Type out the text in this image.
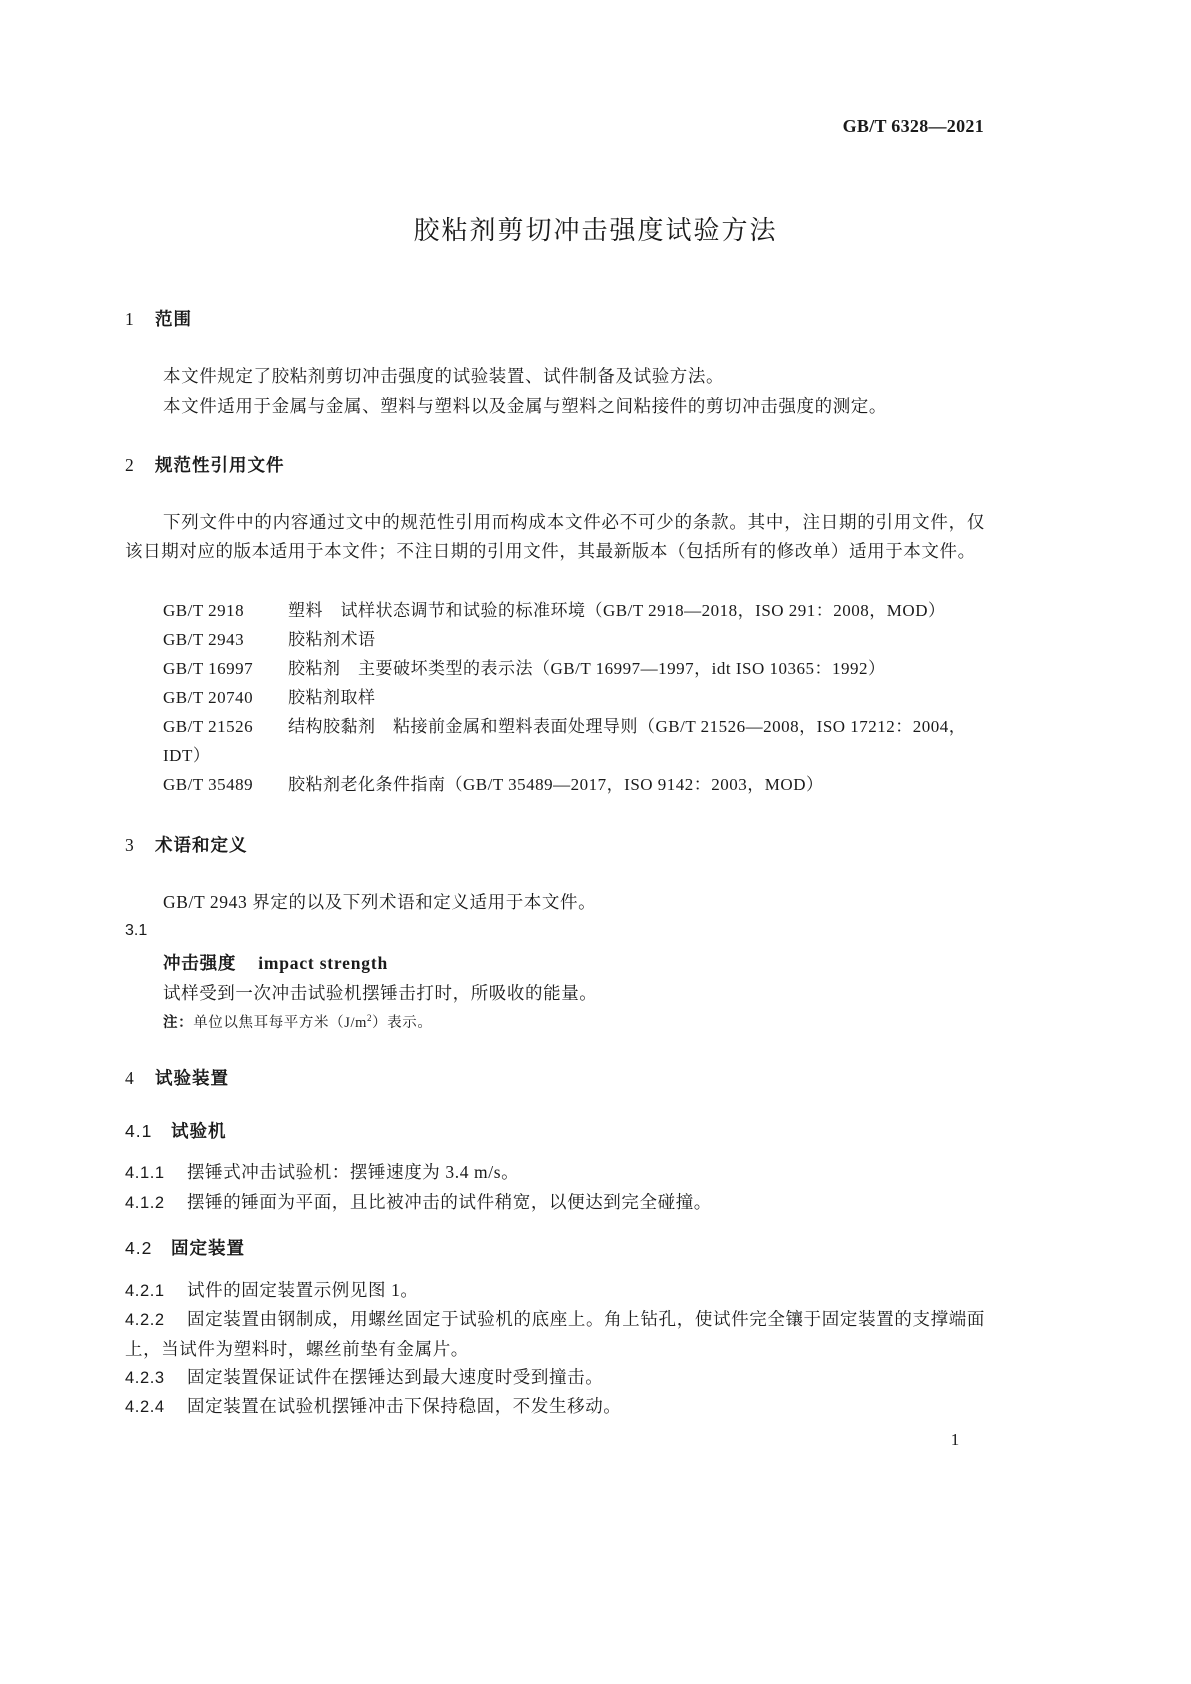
GB/T 6328—2021
胶粘剂剪切冲击强度试验方法
1 范围
本文件规定了胶粘剂剪切冲击强度的试验装置、试件制备及试验方法。
本文件适用于金属与金属、塑料与塑料以及金属与塑料之间粘接件的剪切冲击强度的测定。
2 规范性引用文件
下列文件中的内容通过文中的规范性引用而构成本文件必不可少的条款。其中，注日期的引用文件，仅该日期对应的版本适用于本文件；不注日期的引用文件，其最新版本（包括所有的修改单）适用于本文件。
GB/T 2918	塑料　试样状态调节和试验的标准环境（GB/T 2918—2018，ISO 291：2008，MOD）
GB/T 2943	胶粘剂术语
GB/T 16997 胶粘剂　主要破坏类型的表示法（GB/T 16997—1997，idt ISO 10365：1992）
GB/T 20740 胶粘剂取样
GB/T 21526 结构胶黏剂　粘接前金属和塑料表面处理导则（GB/T 21526—2008，ISO 17212：2004，IDT）
GB/T 35489 胶粘剂老化条件指南（GB/T 35489—2017，ISO 9142：2003，MOD）
3 术语和定义
GB/T 2943 界定的以及下列术语和定义适用于本文件。
3.1
冲击强度 impact strength
试样受到一次冲击试验机摆锤击打时，所吸收的能量。
注：单位以焦耳每平方米$(J/m^2)$表示。
4 试验装置
4.1 试验机
4.1.1 摆锤式冲击试验机：摆锤速度为 3.4 m/s。
4.1.2 摆锤的锤面为平面，且比被冲击的试件稍宽，以便达到完全碰撞。
4.2 固定装置
4.2.1 试件的固定装置示例见图 1。
4.2.2 固定装置由钢制成，用螺丝固定于试验机的底座上。角上钻孔，使试件完全镶于固定装置的支撑端面上，当试件为塑料时，螺丝前垫有金属片。
4.2.3 固定装置保证试件在摆锤达到最大速度时受到撞击。
4.2.4 固定装置在试验机摆锤冲击下保持稳固，不发生移动。
1
